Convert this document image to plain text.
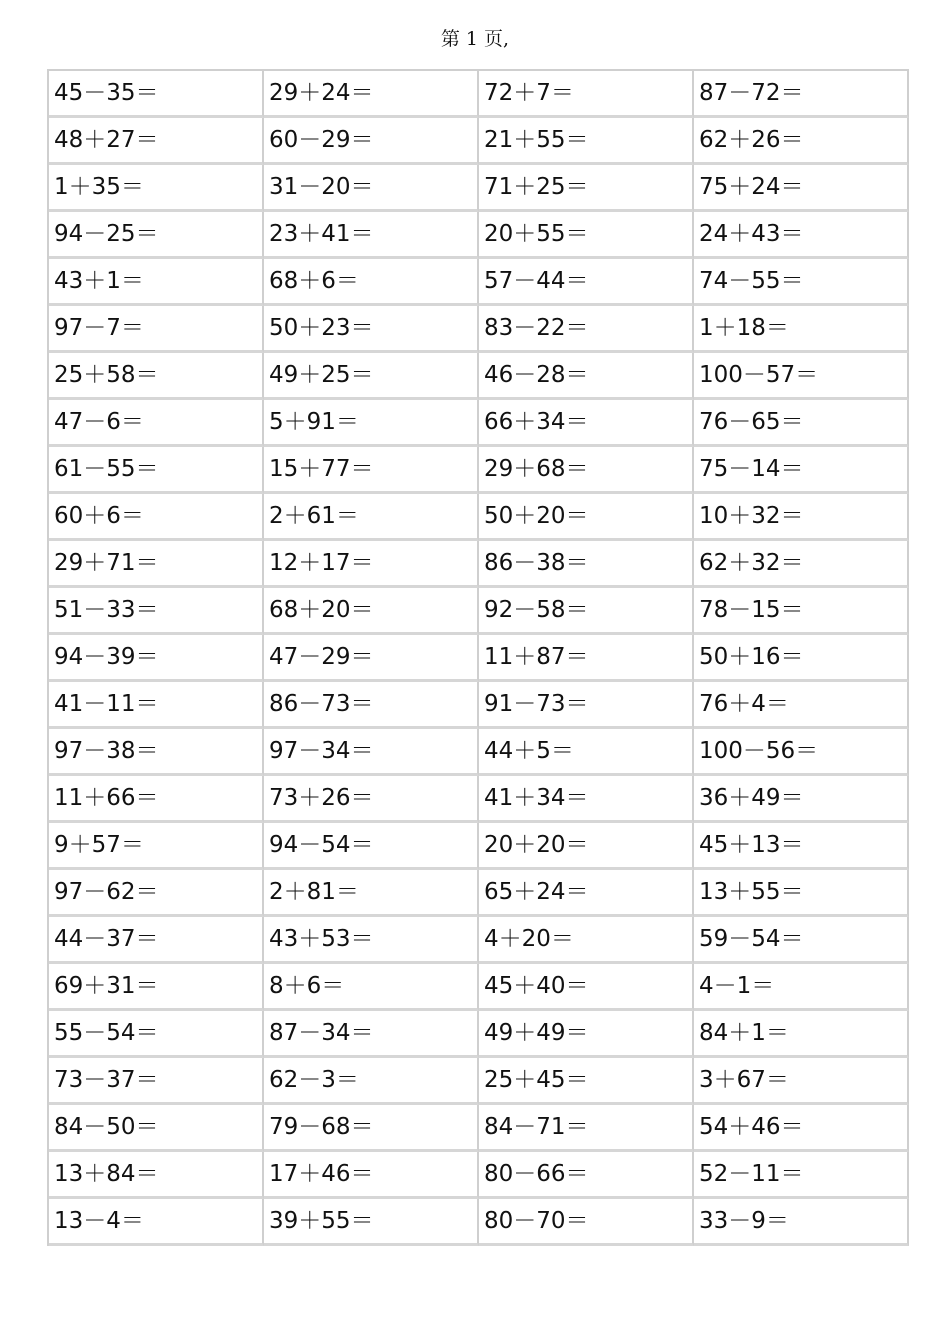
第 1 页,
45－35＝	29＋24＝	72＋7＝	87－72＝
48＋27＝	60－29＝	21＋55＝	62＋26＝
1＋35＝	31－20＝	71＋25＝	75＋24＝
94－25＝	23＋41＝	20＋55＝	24＋43＝
43＋1＝	68＋6＝	57－44＝	74－55＝
97－7＝	50＋23＝	83－22＝	1＋18＝
25＋58＝	49＋25＝	46－28＝	100－57＝
47－6＝	5＋91＝	66＋34＝	76－65＝
61－55＝	15＋77＝	29＋68＝	75－14＝
60＋6＝	2＋61＝	50＋20＝	10＋32＝
29＋71＝	12＋17＝	86－38＝	62＋32＝
51－33＝	68＋20＝	92－58＝	78－15＝
94－39＝	47－29＝	11＋87＝	50＋16＝
41－11＝	86－73＝	91－73＝	76＋4＝
97－38＝	97－34＝	44＋5＝	100－56＝
11＋66＝	73＋26＝	41＋34＝	36＋49＝
9＋57＝	94－54＝	20＋20＝	45＋13＝
97－62＝	2＋81＝	65＋24＝	13＋55＝
44－37＝	43＋53＝	4＋20＝	59－54＝
69＋31＝	8＋6＝	45＋40＝	4－1＝
55－54＝	87－34＝	49＋49＝	84＋1＝
73－37＝	62－3＝	25＋45＝	3＋67＝
84－50＝	79－68＝	84－71＝	54＋46＝
13＋84＝	17＋46＝	80－66＝	52－11＝
13－4＝	39＋55＝	80－70＝	33－9＝
